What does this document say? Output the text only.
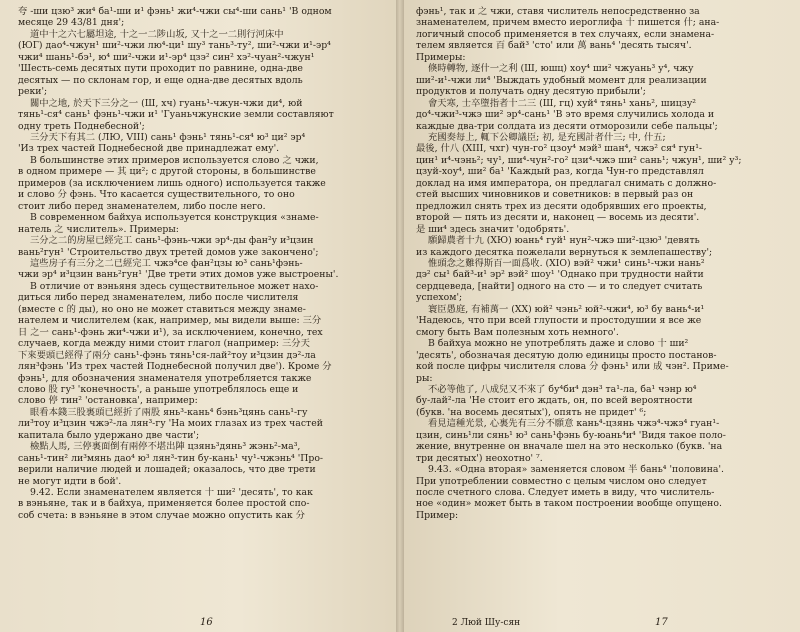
夸 -ши цзю³ жи⁴ ба¹-ши и¹ фэнь¹ жи⁴-чжи сы⁴-ши сань¹ 'В одном

месяце 29 43/81 дня';

道中十之六七屬坦途, 十之一二陟山坂, 又十之一二則行河床中

(ЮГ) дао⁴-чжун¹ ши²-чжи лю⁴-ци¹ шу³ тань³-ту², ши²-чжи и¹-эр⁴

чжи⁴ шань¹-бэ¹, ю⁴ ши²-чжи и¹-эр⁴ цзэ² син² хэ²-чуан²-чжун¹

'Шесть-семь десятых пути проходит по равнине, одна-две

десятых — по склонам гор, и еще одна-две десятых вдоль

реки';

關中之地, 於天下三分之一 (Ш, хч) гуань¹-чжун-чжи ди⁴, юй

тянь¹-ся⁴ сань¹ фэнь¹-чжи и¹ 'Гуаньчжунские земли составляют

одну треть Поднебесной';

三分天下有其二 (ЛЮ, VIII) сань¹ фэнь¹ тянь¹-ся⁴ ю³ ци² эр⁴

'Из трех частей Поднебесной две принадлежат ему'.

В большинстве этих примеров используется слово 之 чжи,

в одном примере — 其 ци²; с другой стороны, в большинстве

примеров (за исключением лишь одного) используется также

и слово 分 фэнь. Что касается существительного, то оно

стоит либо перед знаменателем, либо после него.

В современном байхуа используется конструкция «знаме-

натель 之 числитель». Примеры:

三分之二的房屋已經完工 сань¹-фэнь-чжи эр⁴-ды фан²у и³цзин

вань²гун¹ 'Строительство двух третей домов уже закончено';

這些房子有三分之二已經完工 чжэ⁴се фан²цзы ю³ сань¹фэнь-

чжи эр⁴ и³цзин вань²гун¹ 'Две трети этих домов уже выстроены'.

В отличие от вэньяня здесь существительное может нахо-

диться либо перед знаменателем, либо после числителя

(вместе с 的 ды), но оно не может ставиться между знаме-

нателем и числителем (как, например, мы видели выше: 三分

日 之一 сань¹-фэнь жи⁴-чжи и¹), за исключением, конечно, тех

случаев, когда между ними стоит глагол (например: 三分天

下來要頭已經得了兩分 сань¹-фэнь тянь¹ся-лай²тоу и³цзин дэ²-ла

лян³фэнь 'Из трех частей Поднебесной получил две'). Кроме 分

фэнь¹, для обозначения знаменателя употребляется также

слово 股 гу³ 'конечность', а раньше употреблялось еще и

слово 停 тин² 'остановка', например:

眼看本錢三股裏頭已經折了兩股 янь³-кань⁴ бэнь³цянь сань¹-гу

ли³тоу и³цзин чжэ²-ла лян³-гу 'На моих глазах из трех частей

капитала было удержано две части';

檢點人馬, 三停裏面倒有兩停不堪出陣 цзянь³дянь³ жэнь²-ма³,

сань¹-тин² ли³мянь дао⁴ ю³ лян³-тин бу-кань¹ чу¹-чжэнь⁴ 'Про-

верили наличие людей и лошадей; оказалось, что две трети

не могут идти в бой'.

9.42. Если знаменателем является 十 ши² 'десять', то как

в вэньяне, так и в байхуа, применяется более простой спо-

соб счета: в вэньяне в этом случае можно опустить как 分

16

фэнь¹, так и 之 чжи, ставя числитель непосредственно за

знаменателем, причем вместо иероглифа 十 пишется 什; ана-

логичный способ применяется в тех случаях, если знамена-

телем является 百 бай³ 'сто' или 萬 вань⁴ 'десять тысяч'.

Примеры:

倏時轉物, 逐什一之利 (Ш, юшц) хоу⁴ ши² чжуань³ у⁴, чжу

ши²-и¹-чжи ли⁴ 'Выждать удобный момент для реализации

продуктов и получать одну десятую прибыли';

會天寒, 士卒墮指者十二三 (Ш, гц) хуй⁴ тянь¹ хань², шицзу²

до⁴-чжи³-чжэ ши² эр⁴-сань¹ 'В это время случились холода и

каждые два-три солдата из десяти отморозили себе пальцы';

充國奏每上, 輒下公卿議臣; 初, 是充國計者什三; 中, 什五;

最後, 什八 (XIII, чхг) чун-го² цзоу⁴ мэй³ шан⁴, чжэ² ся⁴ гун¹-

цин¹ и⁴-чэнь²; чу¹, ши⁴-чун²-го² цзи⁴-чжэ ши² сань¹; чжун¹, ши² у³;

цзуй-хоу⁴, ши² ба¹ 'Каждый раз, когда Чун-го представлял

доклад на имя императора, он предлагал снимать с должно-

стей высших чиновников и советников: в первый раз он

предложил снять трех из десяти одобрявших его проекты,

второй — пять из десяти и, наконец — восемь из десяти'.

是 ши⁴ здесь значит 'одобрять'.

願歸農者十九 (XЮ) юань⁴ гуй¹ нун²-чжэ ши²-цзю³ 'девять

из каждого десятка пожелали вернуться к землепашеству';

惟頭念之難得斯百一面爲收. (XIO) вэй² чжи¹ синь¹-чжи нань²

дэ² сы¹ бай³-и¹ эр² вэй² шоу¹ 'Однако при трудности найти

сердцеведа, [найти] одного на сто — и то следует считать

успехом';

寰臣愚庭, 有補萬一 (XX) юй² чэнь² юй²-чжи⁴, ю³ бу вань⁴-и¹

'Надеюсь, что при всей глупости и простодушии я все же

смогу быть Вам полезным хоть немного'.

В байхуа можно не употреблять даже и слово 十 ши²

'десять', обозначая десятую долю единицы просто постанов-

кой после цифры числителя слова 分 фэнь¹ или 成 чэн². Приме-

ры:

不必等他了, 八成兒又不來了 бу⁴би⁴ дэн³ та¹-ла, ба¹ чэнр ю⁴

бу-лай²-ла 'Не стоит его ждать, он, по всей вероятности

(букв. 'на восемь десятых'), опять не придет' ⁶;

看見這種光景, 心裏先有三分不願意 кань⁴-цзянь чжэ⁴-чжэ⁴ гуан¹-

цзин, синь¹ли сянь¹ ю³ сань¹фэнь бу-юань⁴и⁴ 'Видя такое поло-

жение, внутренне он вначале шел на это несколько (букв. 'на

три десятых') неохотно' ⁷.

9.43. «Одна вторая» заменяется словом 半 бань⁴ 'половина'.

При употреблении совместно с целым числом оно следует

после счетного слова. Следует иметь в виду, что числитель-

ное «один» может быть в таком построении вообще опущено.

Пример:

2 Люй Шу-сян	17
